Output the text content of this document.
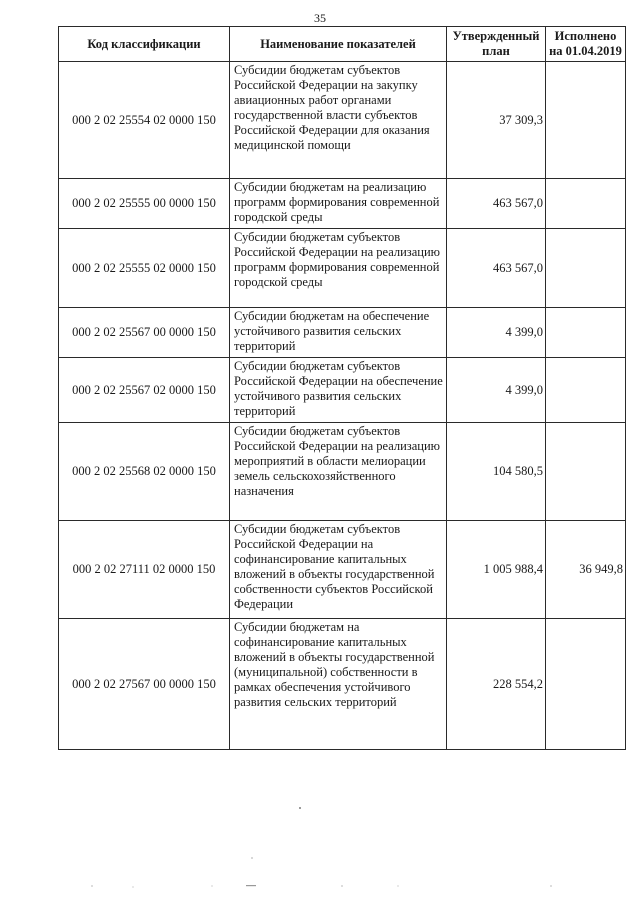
35
Код классификации	Наименование показателей	Утвержденный план	Исполнено на 01.04.2019
000 2 02 25554 02 0000 150	Субсидии бюджетам субъектов Российской Федерации на закупку авиационных работ органами государственной власти субъектов Российской Федерации для оказания медицинской помощи	37 309,3	
000 2 02 25555 00 0000 150	Субсидии бюджетам на реализацию программ формирования современной городской среды	463 567,0	
000 2 02 25555 02 0000 150	Субсидии бюджетам субъектов Российской Федерации на реализацию программ формирования современной городской среды	463 567,0	
000 2 02 25567 00 0000 150	Субсидии бюджетам на обеспечение устойчивого развития сельских территорий	4 399,0	
000 2 02 25567 02 0000 150	Субсидии бюджетам субъектов Российской Федерации на обеспечение устойчивого развития сельских территорий	4 399,0	
000 2 02 25568 02 0000 150	Субсидии бюджетам субъектов Российской Федерации на реализацию мероприятий в области мелиорации земель сельскохозяйственного назначения	104 580,5	
000 2 02 27111 02 0000 150	Субсидии бюджетам субъектов Российской Федерации на софинансирование капитальных вложений в объекты государственной собственности субъектов Российской Федерации	1 005 988,4	36 949,8
000 2 02 27567 00 0000 150	Субсидии бюджетам на софинансирование капитальных вложений в объекты государственной (муниципальной) собственности в рамках обеспечения устойчивого развития сельских территорий	228 554,2	
